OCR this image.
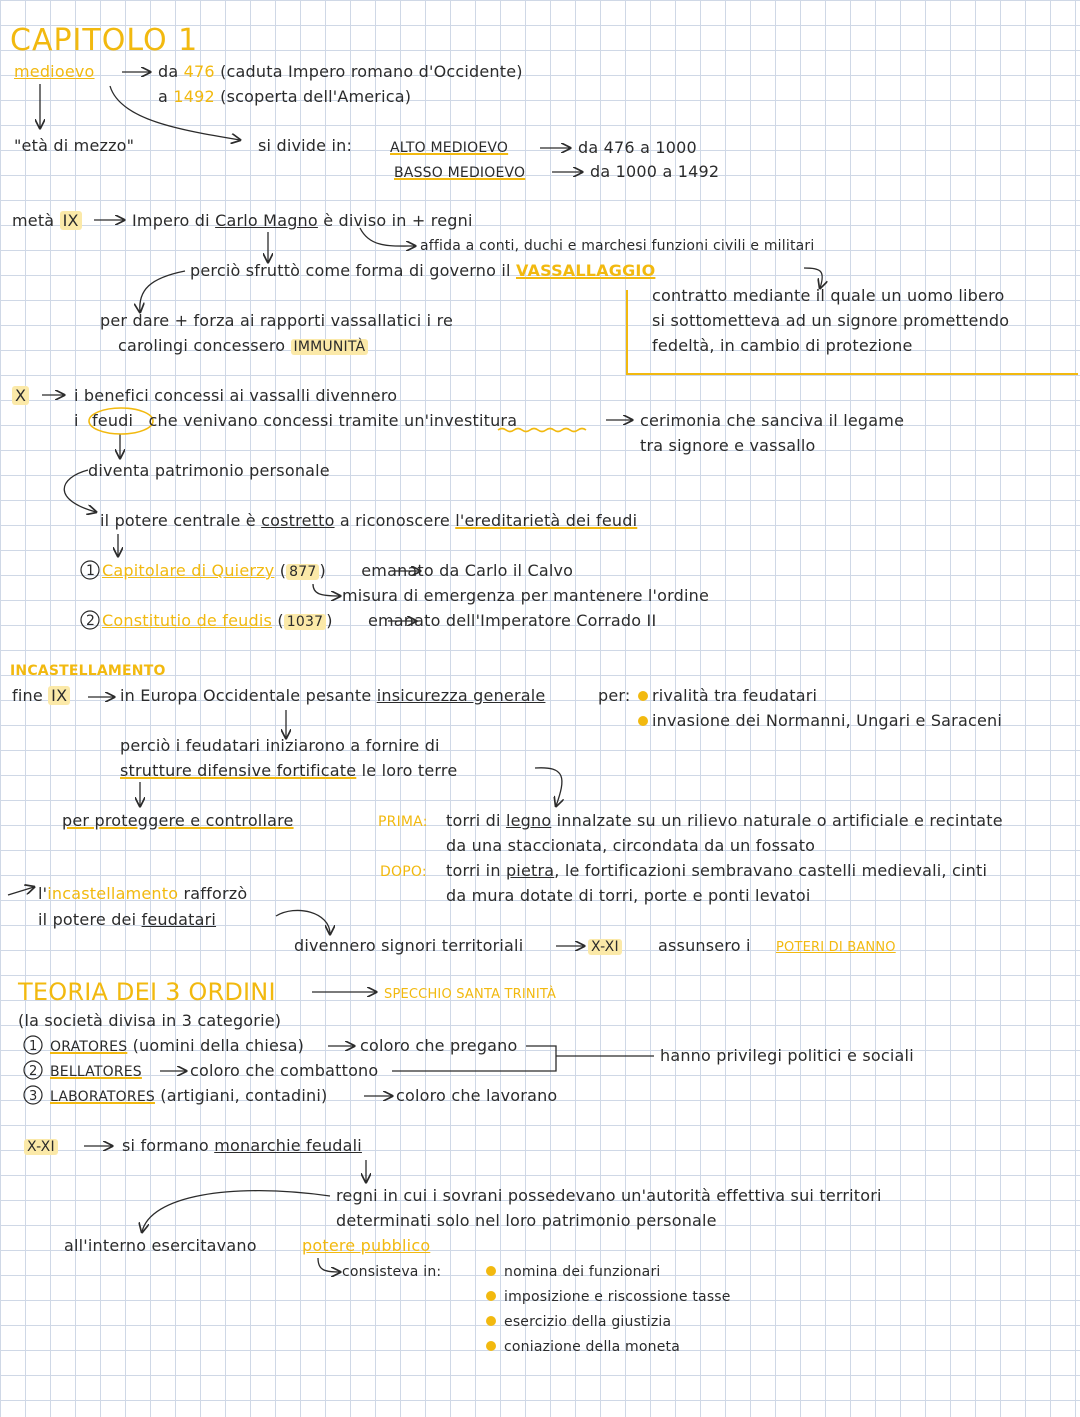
CAPITOLO 1
medioevo	da 476 (caduta Impero romano d'Occidente)
a 1492 (scoperta dell'America)
"età di mezzo"	si divide in:	ALTO MEDIOEVO	da 476 a 1000
BASSO MEDIOEVO	da 1000 a 1492
metà IX	Impero di Carlo Magno è diviso in + regni
affida a conti, duchi e marchesi funzioni civili e militari
perciò sfruttò come forma di governo il VASSALLAGGIO
contratto mediante il quale un uomo libero
si sottometteva ad un signore promettendo
fedeltà, in cambio di protezione
per dare + forza ai rapporti vassallatici i re
carolingi concessero IMMUNITÀ
X	i benefici concessi ai vassalli divennero
i feudi che venivano concessi tramite un'investitura	cerimonia che sanciva il legame
tra signore e vassallo
diventa patrimonio personale
il potere centrale è costretto a riconoscere l'ereditarietà dei feudi
1 Capitolare di Quierzy ( 877 ) emanato da Carlo il Calvo
misura di emergenza per mantenere l'ordine
2 Constitutio de feudis ( 1037 ) emanato dell'Imperatore Corrado II
INCASTELLAMENTO
fine IX	in Europa Occidentale pesante insicurezza generale	per: rivalità tra feudatari
invasione dei Normanni, Ungari e Saraceni
perciò i feudatari iniziarono a fornire di
strutture difensive fortificate le loro terre
per proteggere e controllare	PRIMA: torri di legno innalzate su un rilievo naturale o artificiale e recintate
da una staccionata, circondata da un fossato
DOPO: torri in pietra, le fortificazioni sembravano castelli medievali, cinti
da mura dotate di torri, porte e ponti levatoi
l'incastellamento rafforzò
il potere dei feudatari
divennero signori territoriali	X-XI assunsero i POTERI DI BANNO
TEORIA DEI 3 ORDINI	SPECCHIO SANTA TRINITÀ
(la società divisa in 3 categorie)
1 ORATORES (uomini della chiesa)	coloro che pregano
2 BELLATORES	coloro che combattono
3 LABORATORES (artigiani, contadini)	coloro che lavorano
hanno privilegi politici e sociali
X-XI	si formano monarchie feudali
regni in cui i sovrani possedevano un'autorità effettiva sui territori
determinati solo nel loro patrimonio personale
all'interno esercitavano	potere pubblico
consisteva in:	nomina dei funzionari
imposizione e riscossione tasse
esercizio della giustizia
coniazione della moneta
